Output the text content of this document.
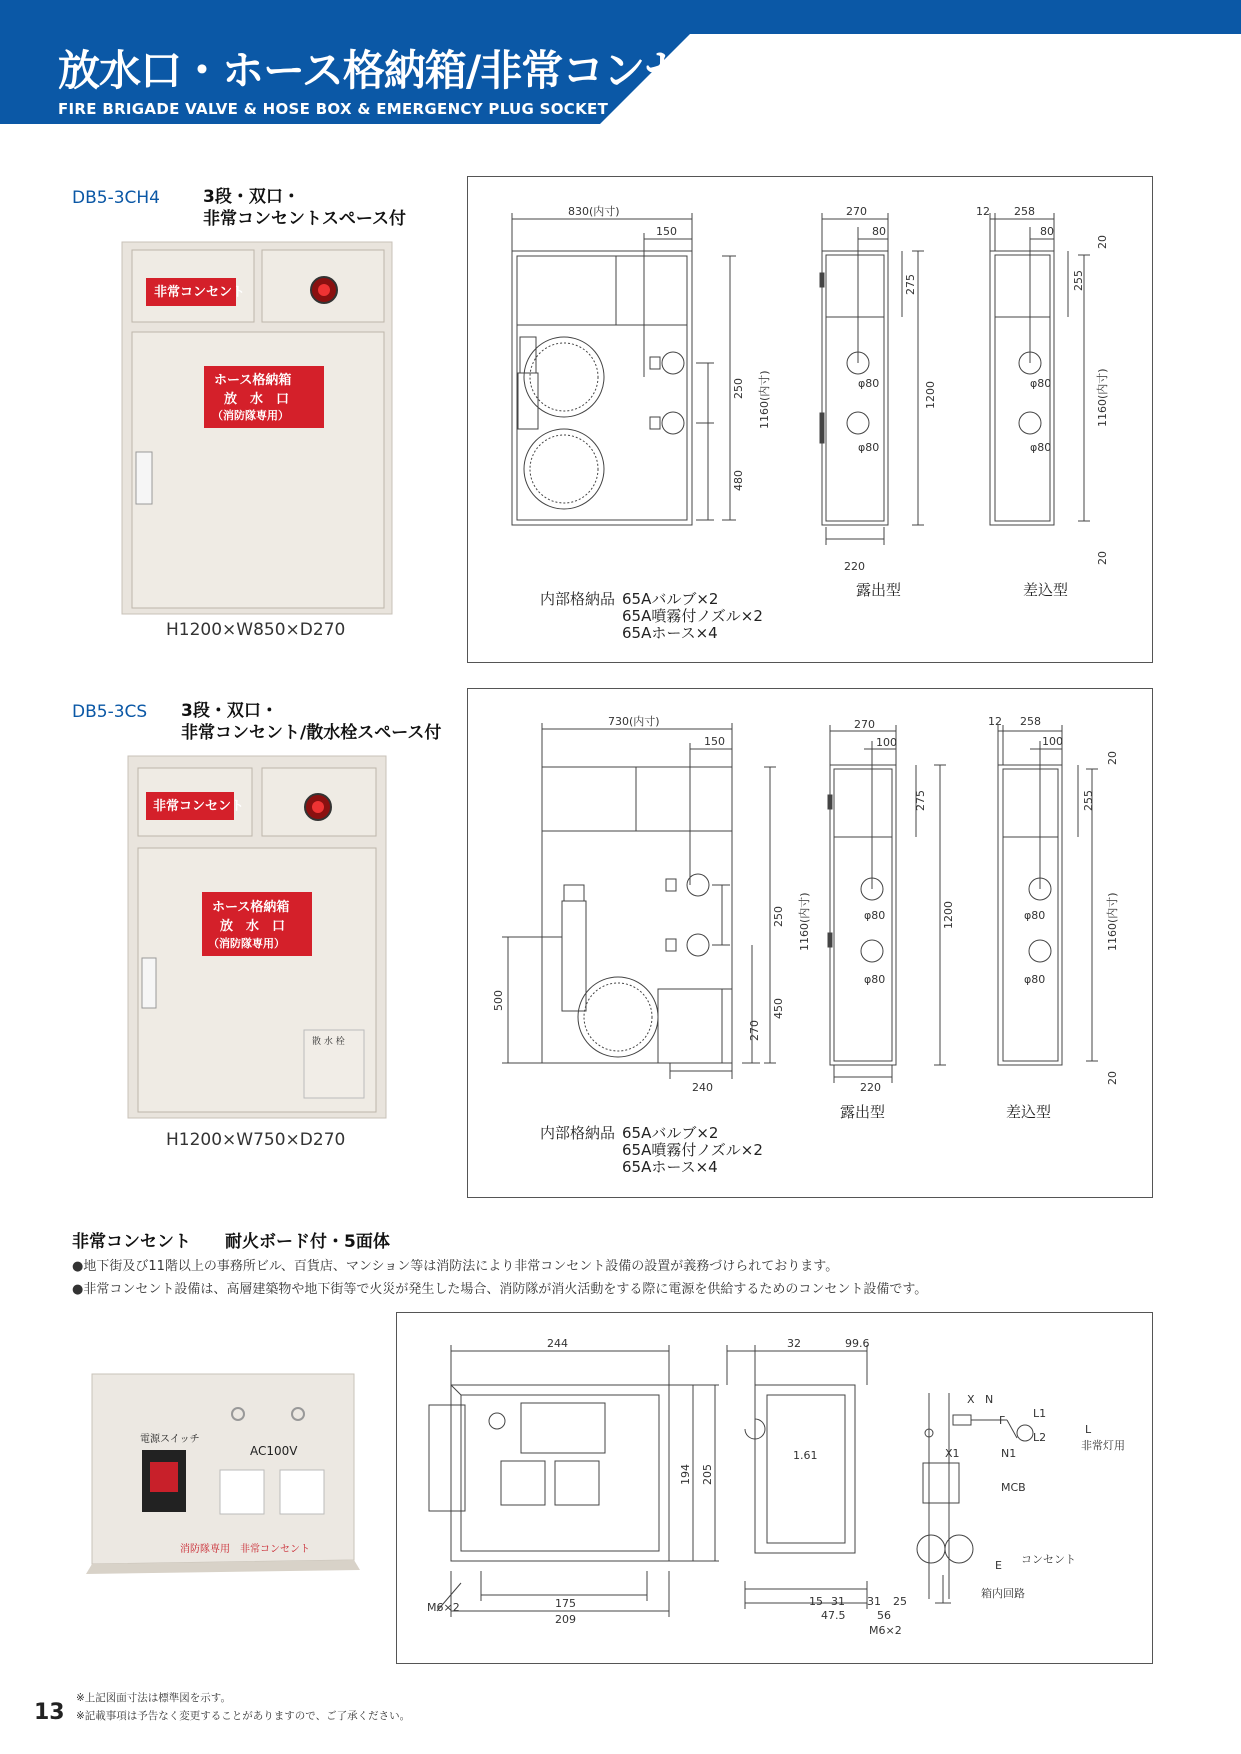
放水口・ホース格納箱/非常コンセント
FIRE BRIGADE VALVE & HOSE BOX & EMERGENCY PLUG SOCKET
DB5-3CH4	3段・双口・
非常コンセントスペース付
非常コンセント
ホース格納箱
放　水　口
（消防隊専用）
H1200×W850×D270
830(内寸)
150
250
480
1160(内寸)
270
80
275
1200
φ80
φ80
220
12 258
80
20
255
1160(内寸)
20
φ80
φ80
露出型	差込型
内部格納品 65Aバルブ×2
65A噴霧付ノズル×2
65Aホース×4
DB5-3CS 3段・双口・
非常コンセント/散水栓スペース付
非常コンセント
ホース格納箱
放　水　口
（消防隊専用）
散 水 栓
H1200×W750×D270
730(内寸)
150
250
450
270
500
240
1160(内寸)
270
100
275
1200
φ80
φ80
220
12 258
100
20
255
1160(内寸)
20
φ80
φ80
露出型	差込型
内部格納品 65Aバルブ×2
65A噴霧付ノズル×2
65Aホース×4
非常コンセント　　耐火ボード付・5面体
●地下街及び11階以上の事務所ビル、百貨店、マンション等は消防法により非常コンセント設備の設置が義務づけられております。
●非常コンセント設備は、高層建築物や地下街等で火災が発生した場合、消防隊が消火活動をする際に電源を供給するためのコンセント設備です。
電源スイッチ
AC100V
消防隊専用　非常コンセント
244
194 205
175
209
M6×2
32	99.6
1.61
15 31 31 25
47.5	56
M6×2
X N
X1	N1
F
L1
L2
L
非常灯用
MCB
コンセント
E
箱内回路
13
※上記図面寸法は標準図を示す。
※記載事項は予告なく変更することがありますので、ご了承ください。
